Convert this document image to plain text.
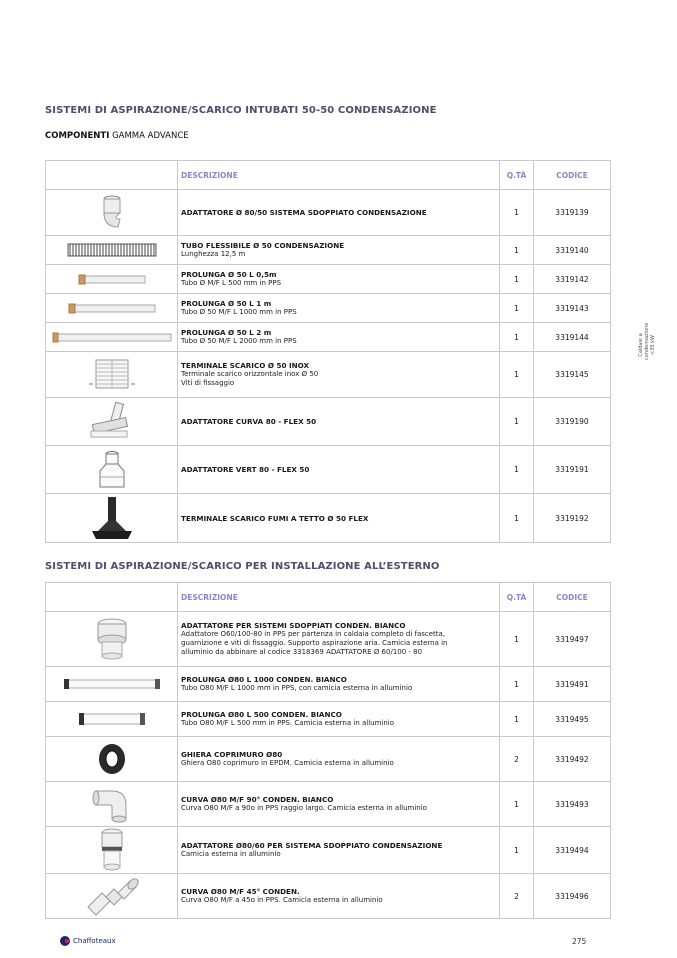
SISTEMI DI ASPIRAZIONE/SCARICO INTUBATI 50-50 CONDENSAZIONE
COMPONENTI GAMMA ADVANCE
	DESCRIZIONE	Q.TÀ	CODICE

ADATTATORE Ø 80/50 SISTEMA SDOPPIATO CONDENSAZIONE	1	3319139

TUBO FLESSIBILE Ø 50 CONDENSAZIONE
Lunghezza 12,5 m	1	3319140

PROLUNGA Ø 50 L 0,5m
Tubo Ø M/F L 500 mm in PPS	1	3319142

PROLUNGA Ø 50 L 1 m
Tubo Ø 50 M/F L 1000 mm in PPS	1	3319143

PROLUNGA Ø 50 L 2 m
Tubo Ø 50 M/F L 2000 mm in PPS	1	3319144

TERMINALE SCARICO Ø 50 INOX
Terminale scarico orizzontale inox Ø 50
Viti di fissaggio	1	3319145

ADATTATORE CURVA 80 - FLEX 50	1	3319190

ADATTATORE VERT 80 - FLEX 50	1	3319191

TERMINALE SCARICO FUMI A TETTO Ø 50 FLEX	1	3319192
SISTEMI DI ASPIRAZIONE/SCARICO PER INSTALLAZIONE ALL’ESTERNO
	DESCRIZIONE	Q.TÀ	CODICE

ADATTATORE PER SISTEMI SDOPPIATI CONDEN. BIANCO
Adattatore O60/100-80 in PPS per partenza in caldaia completo di fascetta,
guarnizione e viti di fissaggio. Supporto aspirazione aria. Camicia esterna in
alluminio da abbinare al codice 3318369 ADATTATORE Ø 60/100 - 80	1	3319497

PROLUNGA Ø80 L 1000 CONDEN. BIANCO
Tubo O80 M/F L 1000 mm in PPS, con camicia esterna in alluminio	1	3319491

PROLUNGA Ø80 L 500 CONDEN. BIANCO
Tubo O80 M/F L 500 mm in PPS. Camicia esterna in alluminio	1	3319495

GHIERA COPRIMURO Ø80
Ghiera O80 coprimuro in EPDM. Camicia esterna in alluminio	2	3319492

CURVA Ø80 M/F 90° CONDEN. BIANCO
Curva O80 M/F a 90o in PPS raggio largo. Camicia esterna in alluminio	1	3319493

ADATTATORE Ø80/60 PER SISTEMA SDOPPIATO CONDENSAZIONE
Camicia esterna in alluminio	1	3319494

CURVA Ø80 M/F 45° CONDEN.
Curva O80 M/F a 45o in PPS. Camicia esterna in alluminio	2	3319496
Caldaie a condensazione <35 kW
Chaffoteaux	275
